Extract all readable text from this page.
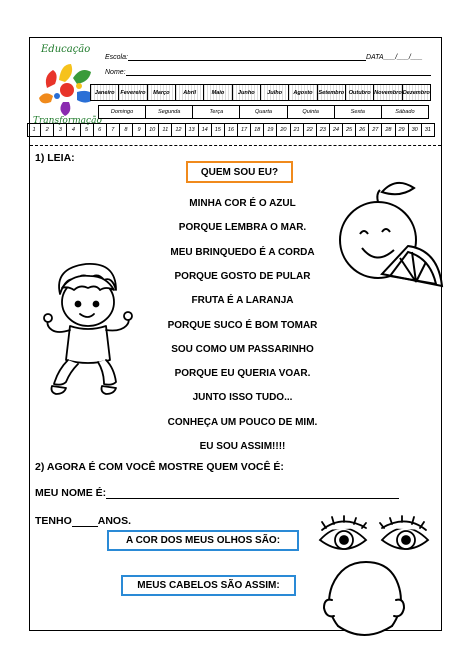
Educação
Transformação
Escola:	DATA___/___/___
Nome:
Janeiro	Fevereiro	Março	Abril	Maio	Junho	Julho	Agosto	Setembro Outubro Novembro Dezembro
Domingo	Segunda	Terça	Quarta	Quinta	Sexta	Sábado
1	2	3	4	5	6	7	8	9	10	11	12	13	14	15	16	17	18	19	20	21	22	23	24	25	26	27	28	29	30	31
1) LEIA:
QUEM SOU EU?
MINHA COR É O AZUL
PORQUE LEMBRA O MAR.
MEU BRINQUEDO É A CORDA
PORQUE GOSTO DE PULAR
FRUTA É A LARANJA
PORQUE SUCO É BOM TOMAR
SOU COMO UM PASSARINHO
PORQUE EU QUERIA VOAR.
JUNTO ISSO TUDO...
CONHEÇA UM POUCO DE MIM.
EU SOU ASSIM!!!!
2) AGORA É COM VOCÊ MOSTRE QUEM VOCÊ É:
MEU NOME É:
TENHO ANOS.
A COR DOS MEUS OLHOS SÃO:
MEUS CABELOS SÃO ASSIM:
